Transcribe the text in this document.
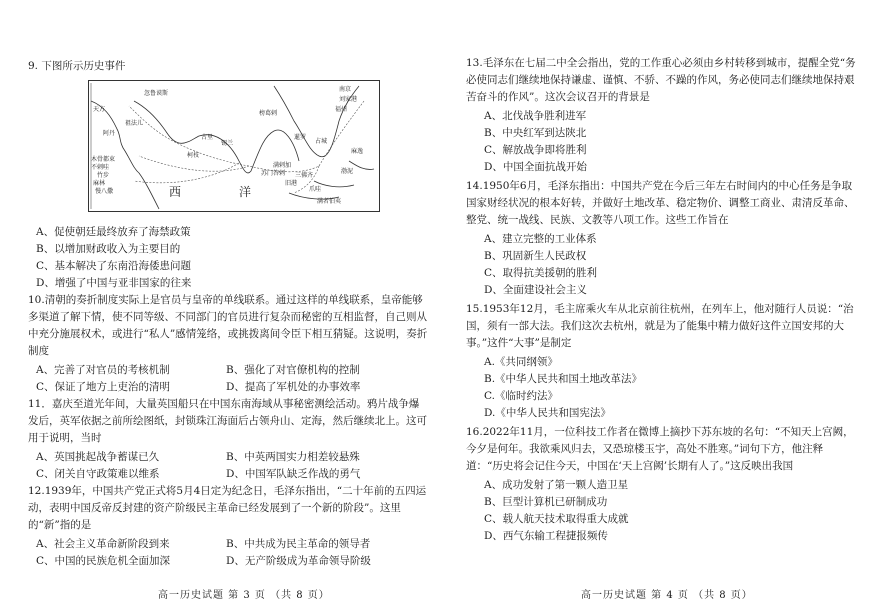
9. 下图所示历史事件
忽鲁谟斯
天方
祖法儿
阿丹
木骨都束
不刺哇
竹步
麻林
慢八撒
锡兰
古里
柯枝
苏门答剌
旧港
满剌加
南京
刘家港
福州
占城
爪哇
渤泥
暹罗
榜葛剌
麻逸
三佛齐
满者伯夷
西	洋
A、促使朝廷最终放弃了海禁政策
B、以增加财政收入为主要目的
C、基本解决了东南沿海倭患问题
D、增强了中国与亚非国家的往来
10.清朝的奏折制度实际上是官员与皇帝的单线联系。通过这样的单线联系，皇帝能够多渠道了解下情，使不同等级、不同部门的官员进行复杂而秘密的互相监督，自己则从中充分施展权术，或进行“私人”感情笼络，或挑拨离间令臣下相互猜疑。这说明，奏折制度
A、完善了对官员的考核机制	B、强化了对官僚机构的控制
C、保证了地方上吏治的清明	D、提高了军机处的办事效率
11．嘉庆至道光年间，大量英国船只在中国东南海域从事秘密测绘活动。鸦片战争爆发后，英军依据之前所绘图纸，封锁珠江海面后占领舟山、定海，然后继续北上。这可用于说明，当时
A、英国挑起战争蓄谋已久	B、中英两国实力相差较悬殊
C、闭关自守政策难以维系	D、中国军队缺乏作战的勇气
12.1939年，中国共产党正式将5月4日定为纪念日，毛泽东指出，“二十年前的五四运动，表明中国反帝反封建的资产阶级民主革命已经发展到了一个新的阶段”。这里的“新”指的是
A、社会主义革命新阶段到来	B、中共成为民主革命的领导者
C、中国的民族危机全面加深	D、无产阶级成为革命领导阶级
高一历史试题 第 3 页 （共 8 页）
13.毛泽东在七届二中全会指出，党的工作重心必须由乡村转移到城市，提醒全党“务必使同志们继续地保持谦虚、谨慎、不骄、不躁的作风，务必使同志们继续地保持艰苦奋斗的作风”。这次会议召开的背景是
A、北伐战争胜利进军
B、中央红军到达陕北
C、解放战争即将胜利
D、中国全面抗战开始
14.1950年6月，毛泽东指出：中国共产党在今后三年左右时间内的中心任务是争取国家财经状况的根本好转，并做好土地改革、稳定物价、调整工商业、肃清反革命、整党、统一战线、民族、文教等八项工作。这些工作旨在
A、建立完整的工业体系
B、巩固新生人民政权
C、取得抗美援朝的胜利
D、全面建设社会主义
15.1953年12月，毛主席乘火车从北京前往杭州，在列车上，他对随行人员说：“治国，须有一部大法。我们这次去杭州，就是为了能集中精力做好这件立国安邦的大事。”这件“大事”是制定
A.《共同纲领》
B.《中华人民共和国土地改革法》
C.《临时约法》
D.《中华人民共和国宪法》
16.2022年11月，一位科技工作者在微博上摘抄下苏东坡的名句：“不知天上宫阙，今夕是何年。我欲乘风归去，又恐琼楼玉宇，高处不胜寒。”词句下方，他注释道：“历史将会记住今天，中国在‘天上宫阙’长期有人了。”这反映出我国
A、成功发射了第一颗人造卫星
B、巨型计算机已研制成功
C、载人航天技术取得重大成就
D、西气东输工程捷报频传
高一历史试题 第 4 页 （共 8 页）
